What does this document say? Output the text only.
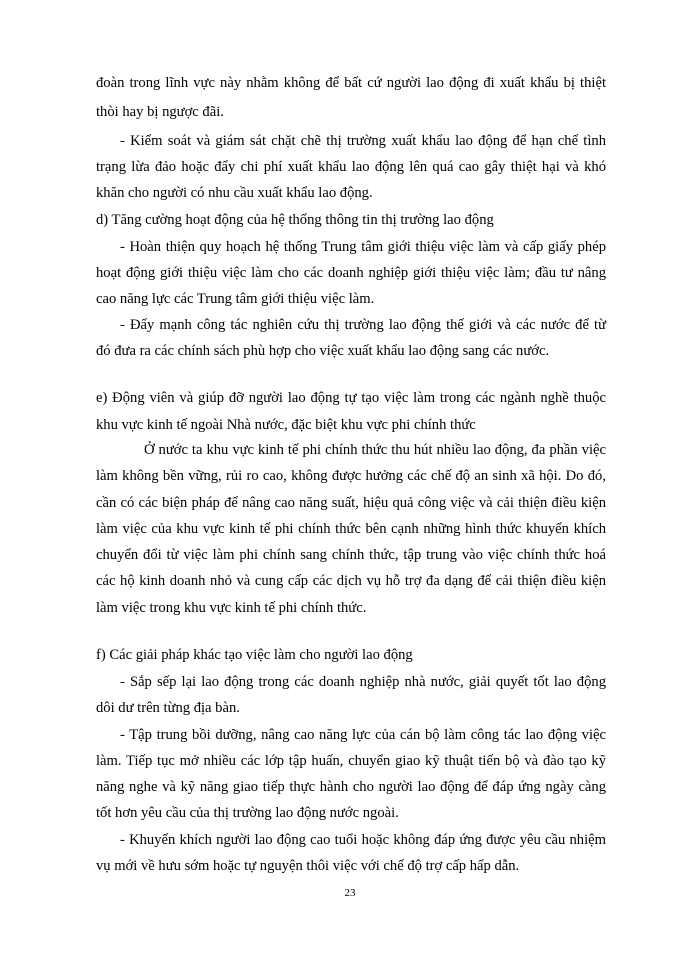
23
đoàn trong lĩnh vực này nhằm không để bất cứ người lao động đi xuất khẩu bị thiệt
thòi hay bị ngược đãi.
- Kiểm soát và giám sát chặt chẽ thị trường xuất khẩu lao động để hạn chế tình
trạng lừa đảo hoặc đẩy chi phí xuất khẩu lao động lên quá cao gây thiệt hại và khó
khăn cho người có nhu cầu xuất khẩu lao động.
d) Tăng cường hoạt động của hệ thống thông tin thị trường lao động
- Hoàn thiện quy hoạch hệ thống Trung tâm giới thiệu việc làm và cấp giấy phép
hoạt động giới thiệu việc làm cho các doanh nghiệp giới thiệu việc làm; đầu tư nâng
cao năng lực các Trung tâm giới thiệu việc làm.
- Đẩy mạnh công tác nghiên cứu thị trường lao động thế giới và các nước để từ
đó đưa ra các chính sách phù hợp cho việc xuất khẩu lao động sang các nước.
e) Động viên và giúp đỡ người lao động tự tạo việc làm trong các ngành nghề thuộc
khu vực kinh tế ngoài Nhà nước, đặc biệt khu vực phi chính thức
Ở nước ta khu vực kinh tế phi chính thức thu hút nhiều lao động, đa phần việc
làm không bền vững, rủi ro cao, không được hưởng các chế độ an sinh xã hội. Do đó,
cần có các biện pháp để nâng cao năng suất, hiệu quả công việc và cải thiện điều kiện
làm việc của khu vực kinh tế phi chính thức bên cạnh những hình thức khuyến khích
chuyển đổi từ việc làm phi chính sang chính thức, tập trung vào việc chính thức hoá
các hộ kinh doanh nhỏ và cung cấp các dịch vụ hỗ trợ đa dạng để cải thiện điều kiện
làm việc trong khu vực kinh tế phi chính thức.
f) Các giải pháp khác tạo việc làm cho người lao động
- Sắp sếp lại lao động trong các doanh nghiệp nhà nước, giải quyết tốt lao động
dôi dư trên từng địa bàn.
- Tập trung bồi dưỡng, nâng cao năng lực của cán bộ làm công tác lao động việc
làm. Tiếp tục mở nhiều các lớp tập huấn, chuyển giao kỹ thuật tiến bộ và đào tạo kỹ
năng nghe và kỹ năng giao tiếp thực hành cho người lao động để đáp ứng ngày càng
tốt hơn yêu cầu của thị trường lao động nước ngoài.
- Khuyến khích người lao động cao tuổi hoặc không đáp ứng được yêu cầu nhiệm
vụ mới về hưu sớm hoặc tự nguyện thôi việc với chế độ trợ cấp hấp dẫn.
